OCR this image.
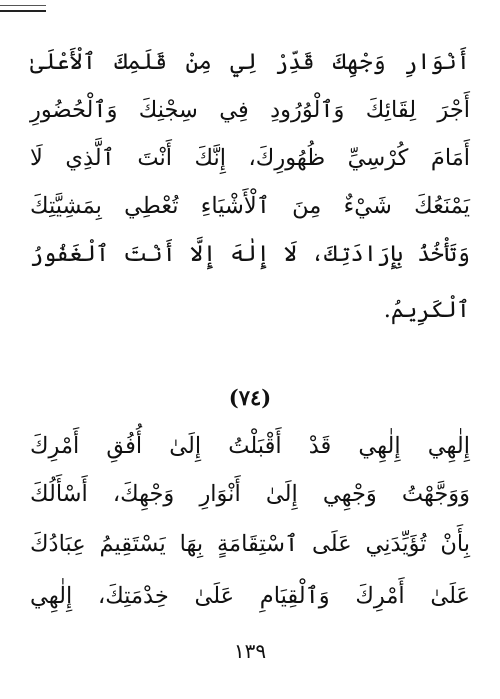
أَنْوَارِ وَجْهِكَ قَدِّرْ لِي مِنْ قَلَمِكَ ٱلْأَعْلَىٰ
أَجْرَ لِقَائِكَ وَٱلْوُرُودِ فِي سِجْنِكَ وَٱلْحُضُورِ
أَمَامَ كُرْسِيِّ ظُهُورِكَ، إِنَّكَ أَنْتَ ٱلَّذِي لَا
يَمْنَعُكَ شَيْءٌ مِنَ ٱلْأَشْيَاءِ تُعْطِي بِمَشِيَّتِكَ
وَتَأْخُذُ بِإِرَادَتِكَ، لَا إِلٰهَ إِلَّا أَنْتَ ٱلْغَفُورُ
ٱلْكَرِيمُ.
(٧٤)
إِلٰهِي إِلٰهِي قَدْ أَقْبَلْتُ إِلَىٰ أُفُقِ أَمْرِكَ
وَوَجَّهْتُ وَجْهِي إِلَىٰ أَنْوَارِ وَجْهِكَ، أَسْأَلُكَ
بِأَنْ تُؤَيِّدَنِي عَلَى ٱسْتِقَامَةٍ بِهَا يَسْتَقِيمُ عِبَادُكَ
عَلَىٰ أَمْرِكَ وَٱلْقِيَامِ عَلَىٰ خِدْمَتِكَ، إِلٰهِي
١٣٩
